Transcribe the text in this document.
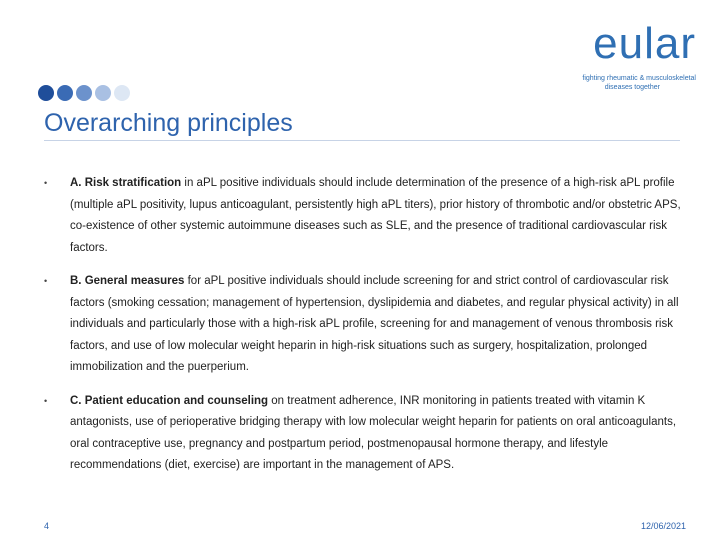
eular
fighting rheumatic & musculoskeletal
diseases together
Overarching principles
• A. Risk stratification in aPL positive individuals should include determination of the presence of a high-risk aPL profile (multiple aPL positivity, lupus anticoagulant, persistently high aPL titers), prior history of thrombotic and/or obstetric APS, co-existence of other systemic autoimmune diseases such as SLE, and the presence of traditional cardiovascular risk factors.
• B. General measures for aPL positive individuals should include screening for and strict control of cardiovascular risk factors (smoking cessation; management of hypertension, dyslipidemia and diabetes, and regular physical activity) in all individuals and particularly those with a high-risk aPL profile, screening for and management of venous thrombosis risk factors, and use of low molecular weight heparin in high-risk situations such as surgery, hospitalization, prolonged immobilization and the puerperium.
• C. Patient education and counseling on treatment adherence, INR monitoring in patients treated with vitamin K antagonists, use of perioperative bridging therapy with low molecular weight heparin for patients on oral anticoagulants, oral contraceptive use, pregnancy and postpartum period, postmenopausal hormone therapy, and lifestyle recommendations (diet, exercise) are important in the management of APS.
4	12/06/2021
